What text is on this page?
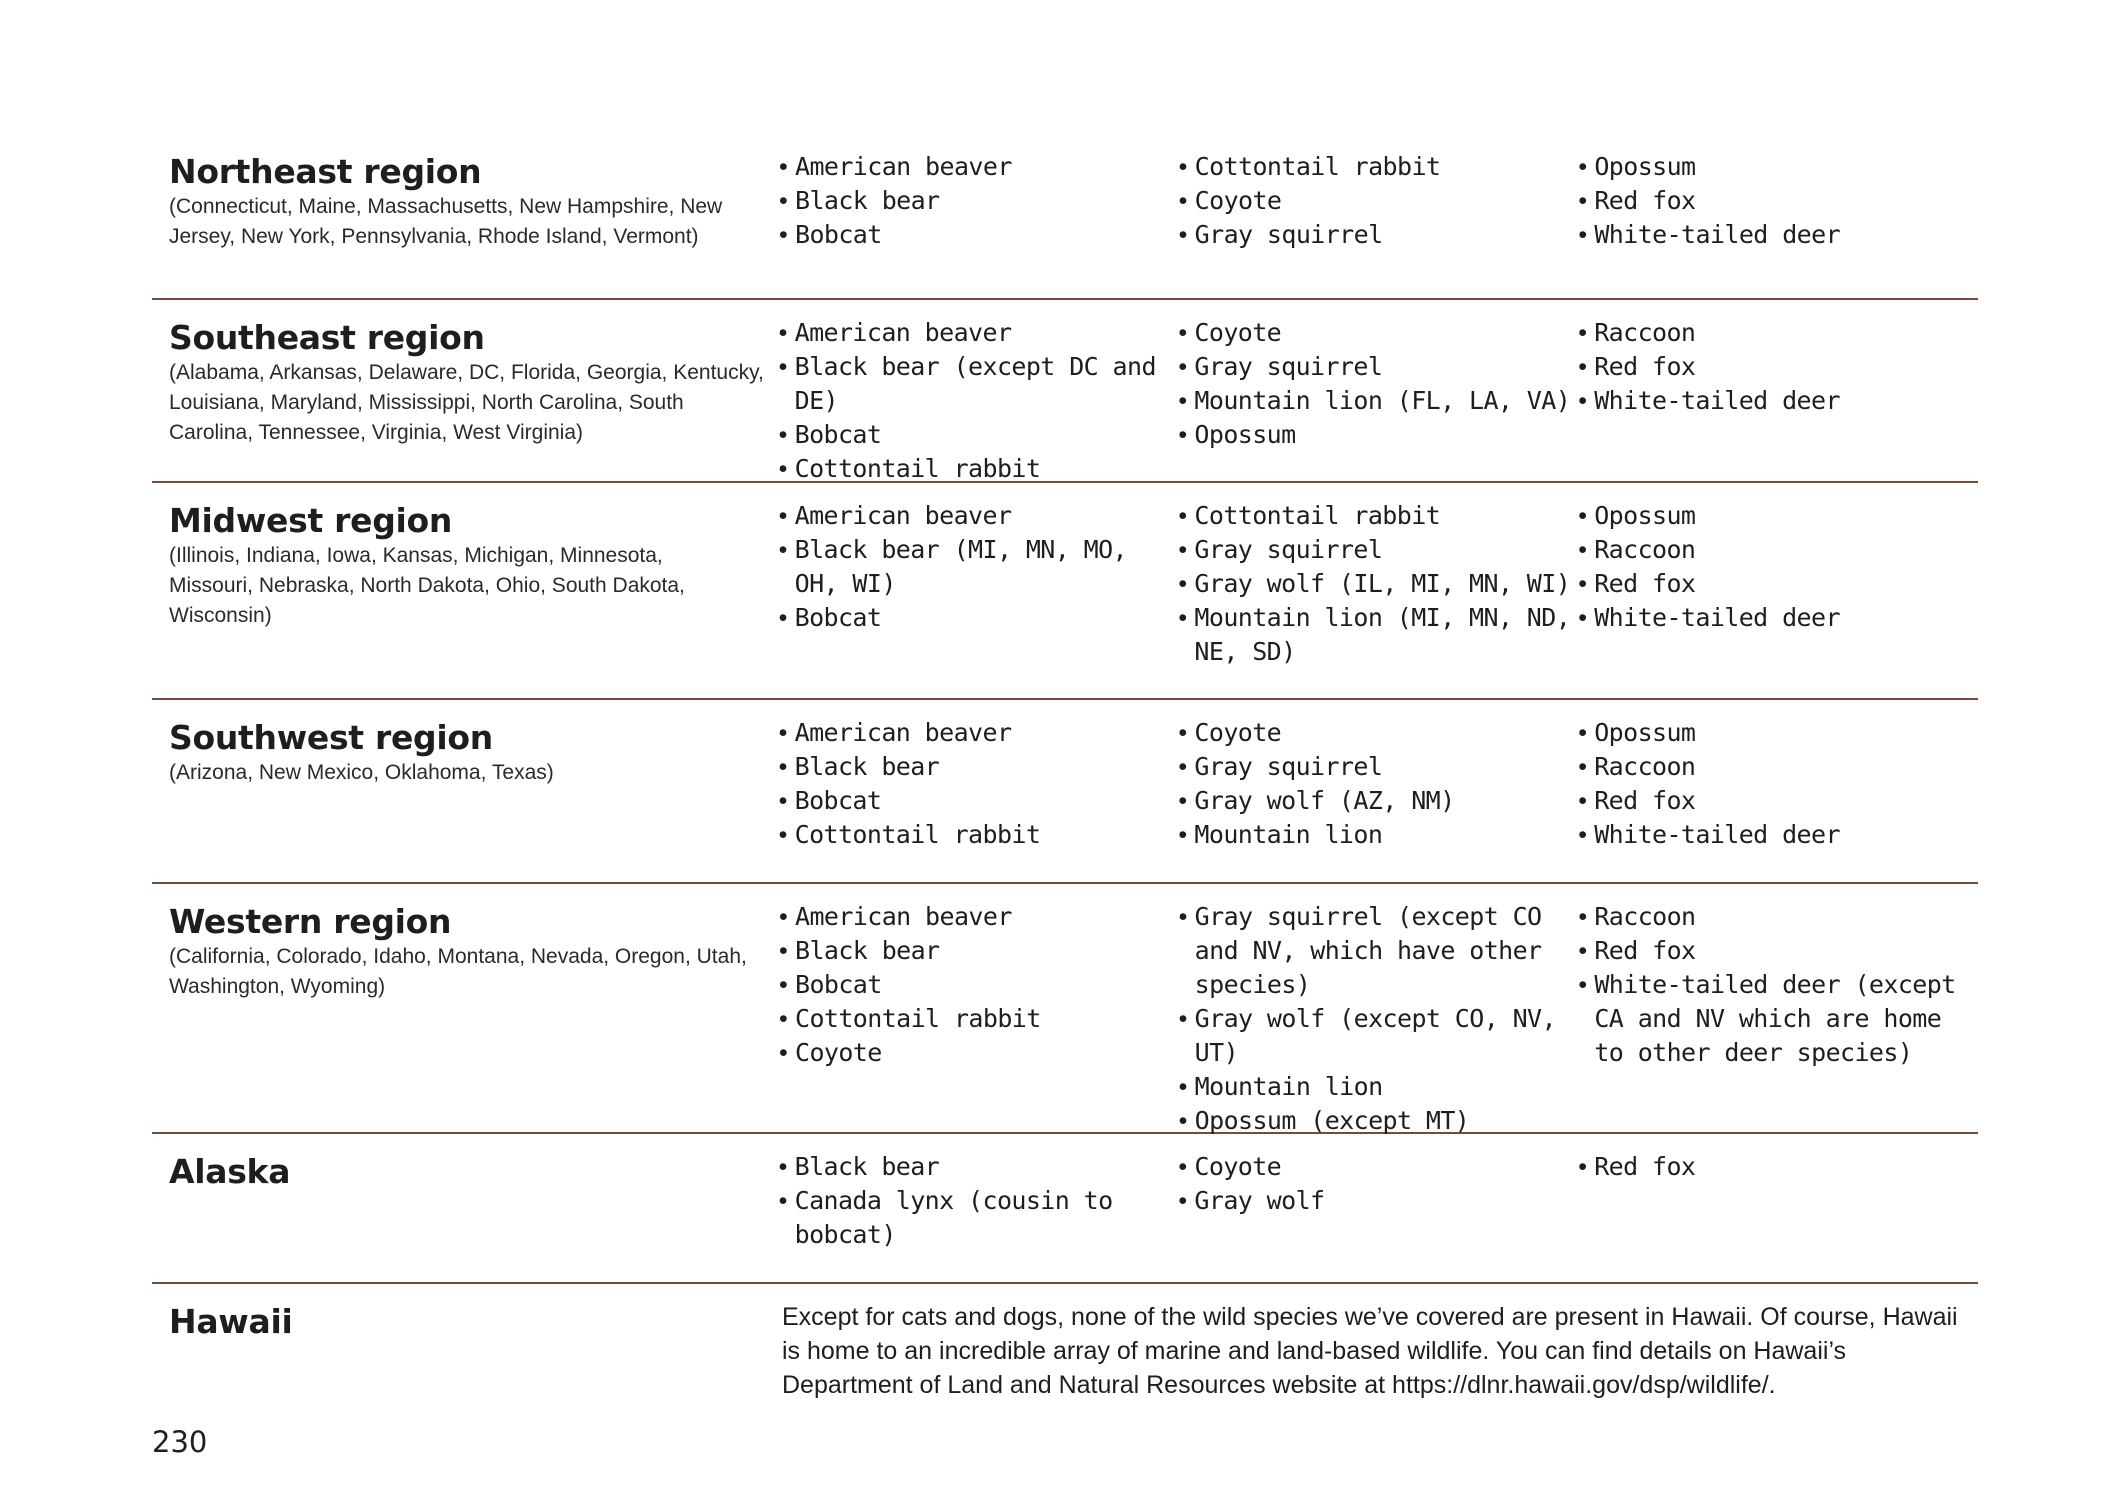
Northeast region
(Connecticut, Maine, Massachusetts, New Hampshire, New Jersey, New York, Pennsylvania, Rhode Island, Vermont)
• American beaver
• Black bear
• Bobcat
• Cottontail rabbit
• Coyote
• Gray squirrel
• Opossum
• Red fox
• White-tailed deer
Southeast region
(Alabama, Arkansas, Delaware, DC, Florida, Georgia, Kentucky, Louisiana, Maryland, Mississippi, North Carolina, South Carolina, Tennessee, Virginia, West Virginia)
• American beaver
• Black bear (except DC and DE)
• Bobcat
• Cottontail rabbit
• Coyote
• Gray squirrel
• Mountain lion (FL, LA, VA)
• Opossum
• Raccoon
• Red fox
• White-tailed deer
Midwest region
(Illinois, Indiana, Iowa, Kansas, Michigan, Minnesota, Missouri, Nebraska, North Dakota, Ohio, South Dakota, Wisconsin)
• American beaver
• Black bear (MI, MN, MO, OH, WI)
• Bobcat
• Cottontail rabbit
• Gray squirrel
• Gray wolf (IL, MI, MN, WI)
• Mountain lion (MI, MN, ND, NE, SD)
• Opossum
• Raccoon
• Red fox
• White-tailed deer
Southwest region
(Arizona, New Mexico, Oklahoma, Texas)
• American beaver
• Black bear
• Bobcat
• Cottontail rabbit
• Coyote
• Gray squirrel
• Gray wolf (AZ, NM)
• Mountain lion
• Opossum
• Raccoon
• Red fox
• White-tailed deer
Western region
(California, Colorado, Idaho, Montana, Nevada, Oregon, Utah, Washington, Wyoming)
• American beaver
• Black bear
• Bobcat
• Cottontail rabbit
• Coyote
• Gray squirrel (except CO and NV, which have other species)
• Gray wolf (except CO, NV, UT)
• Mountain lion
• Opossum (except MT)
• Raccoon
• Red fox
• White-tailed deer (except CA and NV which are home to other deer species)
Alaska	• Black bear
• Canada lynx (cousin to bobcat)
• Coyote
• Gray wolf
• Red fox
Hawaii	Except for cats and dogs, none of the wild species we’ve covered are present in Hawaii. Of course, Hawaii is home to an incredible array of marine and land-based wildlife. You can find details on Hawaii’s Department of Land and Natural Resources website at https://dlnr.hawaii.gov/dsp/wildlife/.
230
